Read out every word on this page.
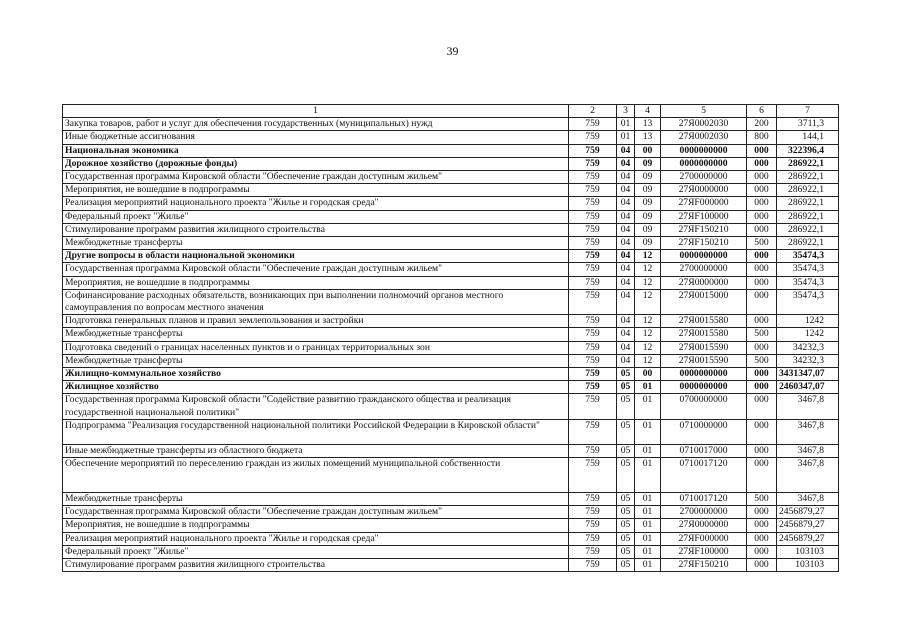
39
1	2	3	4	5	6	7
Закупка товаров, работ и услуг для обеспечения государственных (муниципальных) нужд	759	01	13	27Я0002030	200	3711,3
Иные бюджетные ассигнования	759	01	13	27Я0002030	800	144,1
Национальная экономика	759	04	00	0000000000	000	322396,4
Дорожное хозяйство (дорожные фонды)	759	04	09	0000000000	000	286922,1
Государственная программа Кировской области "Обеспечение граждан доступным жильем"	759	04	09	2700000000	000	286922,1
Мероприятия, не вошедшие в подпрограммы	759	04	09	27Я0000000	000	286922,1
Реализация мероприятий национального проекта "Жилье и городская среда"	759	04	09	27ЯF000000	000	286922,1
Федеральный проект "Жилье"	759	04	09	27ЯF100000	000	286922,1
Стимулирование программ развития жилищного строительства	759	04	09	27ЯF150210	000	286922,1
Межбюджетные трансферты	759	04	09	27ЯF150210	500	286922,1
Другие вопросы в области национальной экономики	759	04	12	0000000000	000	35474,3
Государственная программа Кировской области "Обеспечение граждан доступным жильем"	759	04	12	2700000000	000	35474,3
Мероприятия, не вошедшие в подпрограммы	759	04	12	27Я0000000	000	35474,3
Софинансирование расходных обязательств, возникающих при выполнении полномочий органов местного самоуправления по вопросам местного значения	759	04	12	27Я0015000	000	35474,3
Подготовка генеральных планов и правил землепользования и застройки	759	04	12	27Я0015580	000	1242
Межбюджетные трансферты	759	04	12	27Я0015580	500	1242
Подготовка сведений о границах населенных пунктов и о границах территориальных зон	759	04	12	27Я0015590	000	34232,3
Межбюджетные трансферты	759	04	12	27Я0015590	500	34232,3
Жилищно-коммунальное хозяйство	759	05	00	0000000000	000	3431347,07
Жилищное хозяйство	759	05	01	0000000000	000	2460347,07
Государственная программа Кировской области "Содействие развитию гражданского общества и реализация государственной национальной политики"	759	05	01	0700000000	000	3467,8
Подпрограмма "Реализация государственной национальной политики Российской Федерации в Кировской области"	759	05	01	0710000000	000	3467,8
Иные межбюджетные трансферты из областного бюджета	759	05	01	0710017000	000	3467,8
Обеспечение мероприятий по переселению граждан из жилых помещений муниципальной собственности	759	05	01	0710017120	000	3467,8
Межбюджетные трансферты	759	05	01	0710017120	500	3467,8
Государственная программа Кировской области "Обеспечение граждан доступным жильем"	759	05	01	2700000000	000	2456879,27
Мероприятия, не вошедшие в подпрограммы	759	05	01	27Я0000000	000	2456879,27
Реализация мероприятий национального проекта "Жилье и городская среда"	759	05	01	27ЯF000000	000	2456879,27
Федеральный проект "Жилье"	759	05	01	27ЯF100000	000	103103
Стимулирование программ развития жилищного строительства	759	05	01	27ЯF150210	000	103103
